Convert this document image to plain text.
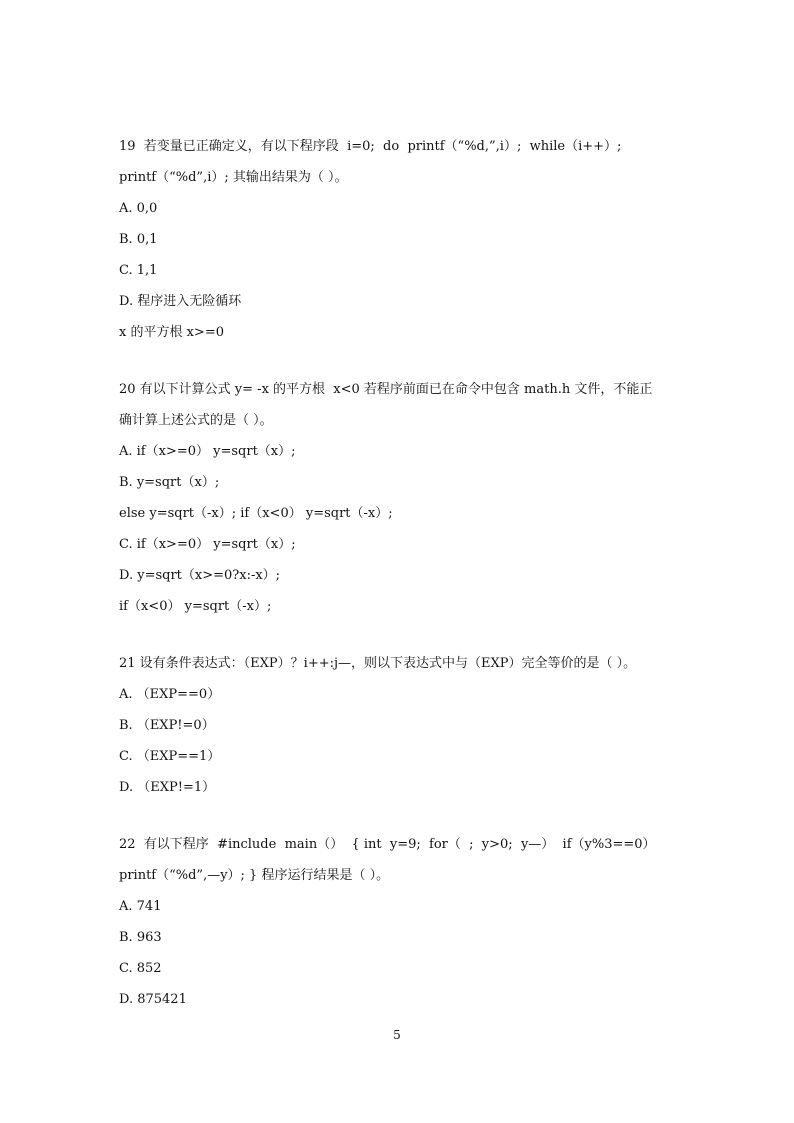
19  若变量已正确定义，有以下程序段  i=0;  do  printf（“%d,”,i）;  while（i++）;
printf（“%d”,i）; 其输出结果为（ ）。
A. 0,0
B. 0,1
C. 1,1
D. 程序进入无险循环
x 的平方根 x>=0
20 有以下计算公式 y= -x 的平方根  x<0 若程序前面已在命令中包含 math.h 文件，不能正
确计算上述公式的是（ ）。
A. if（x>=0） y=sqrt（x）;
B. y=sqrt（x）;
else y=sqrt（-x）; if（x<0） y=sqrt（-x）;
C. if（x>=0） y=sqrt（x）;
D. y=sqrt（x>=0?x:-x）;
if（x<0） y=sqrt（-x）;
21 设有条件表达式：（EXP）？i++:j—，则以下表达式中与（EXP）完全等价的是（ ）。
A. （EXP==0）
B. （EXP!=0）
C. （EXP==1）
D. （EXP!=1）
22  有以下程序  #include  main（）  { int  y=9;  for（  ;  y>0;  y—）  if（y%3==0）
printf（“%d”,—y）; } 程序运行结果是（ ）。
A. 741
B. 963
C. 852
D. 875421
5
